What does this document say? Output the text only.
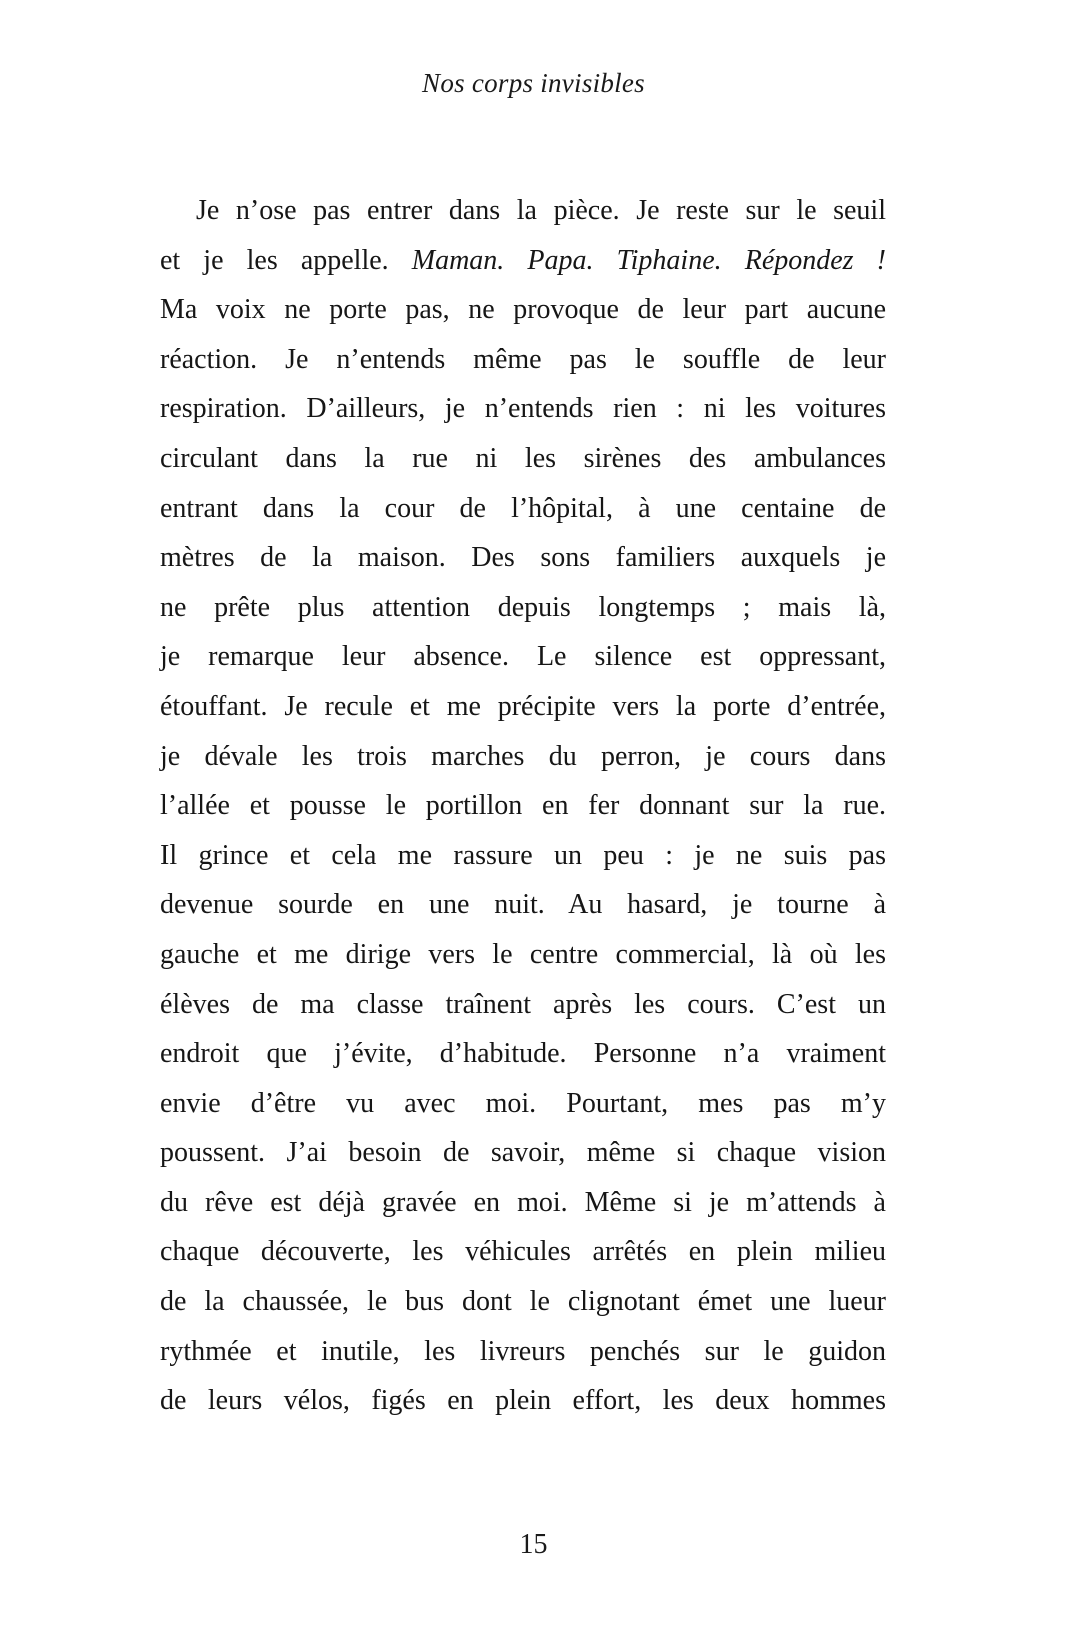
Nos corps invisibles
Je n’ose pas entrer dans la pièce. Je reste sur le seuil
et je les appelle. Maman. Papa. Tiphaine. Répondez !
Ma voix ne porte pas, ne provoque de leur part aucune
réaction. Je n’entends même pas le souffle de leur
respiration. D’ailleurs, je n’entends rien : ni les voitures
circulant dans la rue ni les sirènes des ambulances
entrant dans la cour de l’hôpital, à une centaine de
mètres de la maison. Des sons familiers auxquels je
ne prête plus attention depuis longtemps ; mais là,
je remarque leur absence. Le silence est oppressant,
étouffant. Je recule et me précipite vers la porte d’entrée,
je dévale les trois marches du perron, je cours dans
l’allée et pousse le portillon en fer donnant sur la rue.
Il grince et cela me rassure un peu : je ne suis pas
devenue sourde en une nuit. Au hasard, je tourne à
gauche et me dirige vers le centre commercial, là où les
élèves de ma classe traînent après les cours. C’est un
endroit que j’évite, d’habitude. Personne n’a vraiment
envie d’être vu avec moi. Pourtant, mes pas m’y
poussent. J’ai besoin de savoir, même si chaque vision
du rêve est déjà gravée en moi. Même si je m’attends à
chaque découverte, les véhicules arrêtés en plein milieu
de la chaussée, le bus dont le clignotant émet une lueur
rythmée et inutile, les livreurs penchés sur le guidon
de leurs vélos, figés en plein effort, les deux hommes
15
